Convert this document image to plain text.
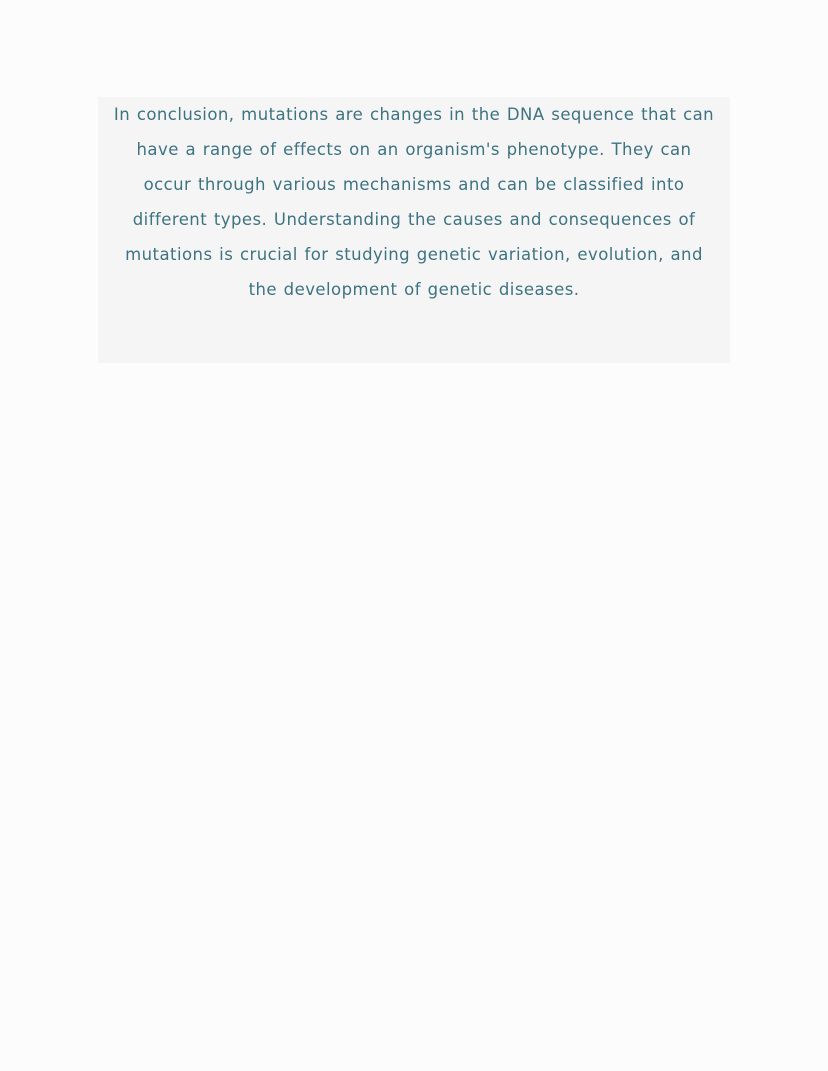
In conclusion, mutations are changes in the DNA sequence that can
have a range of effects on an organism's phenotype. They can
occur through various mechanisms and can be classified into
different types. Understanding the causes and consequences of
mutations is crucial for studying genetic variation, evolution, and
the development of genetic diseases.
